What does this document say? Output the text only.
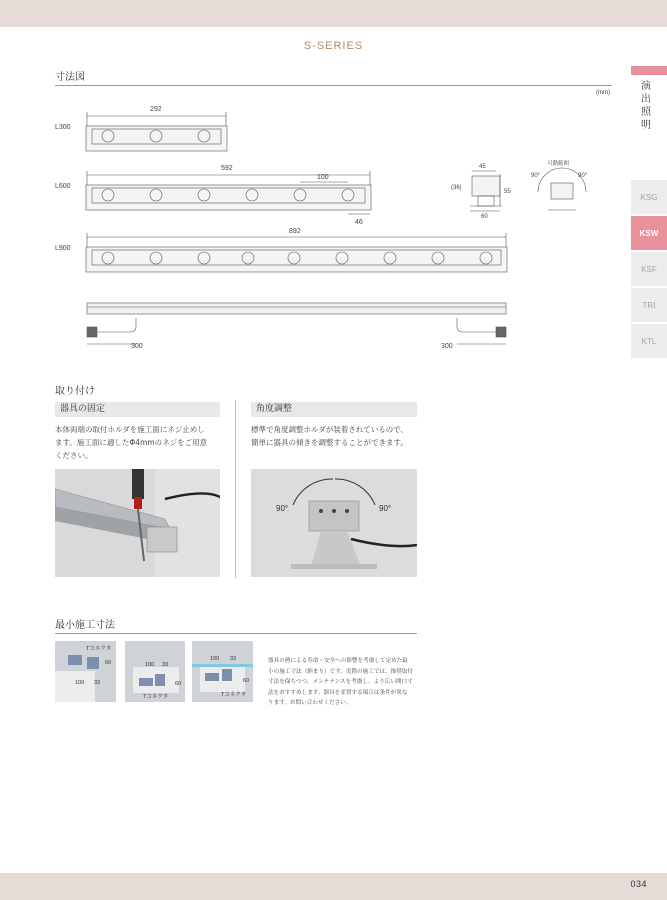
S-SERIES
演出照明
KSG
KSW
KSF
TRI
KTL
寸法図
L300
292
L600
592
100
46
L900
892
300	300
(mm)
45
(36)
55
60
可動範囲
90°	90°
取り付け
器具の固定
本体両端の取付ホルダを施工面にネジ止めし
ます。施工面に適したΦ4mmのネジをご用意
ください。
角度調整
標準で角度調整ホルダが装着されているので、
簡単に器具の傾きを調整することができます。
90°	90°
最小施工寸法
Tコネクタ
60
100 33
100 33
60
Tコネクタ
100 33
60
Tコネクタ
器具の熱による寿命・安全への影響を考慮して定めた最
小の施工寸法（納まり）です。実際の施工では、推奨取付
寸法を保ちつつ、メンテナンスを考慮し、より広い開口寸
法をおすすめします。器具を並置する場合は条件が異な
ります。お問い合わせください。
034
